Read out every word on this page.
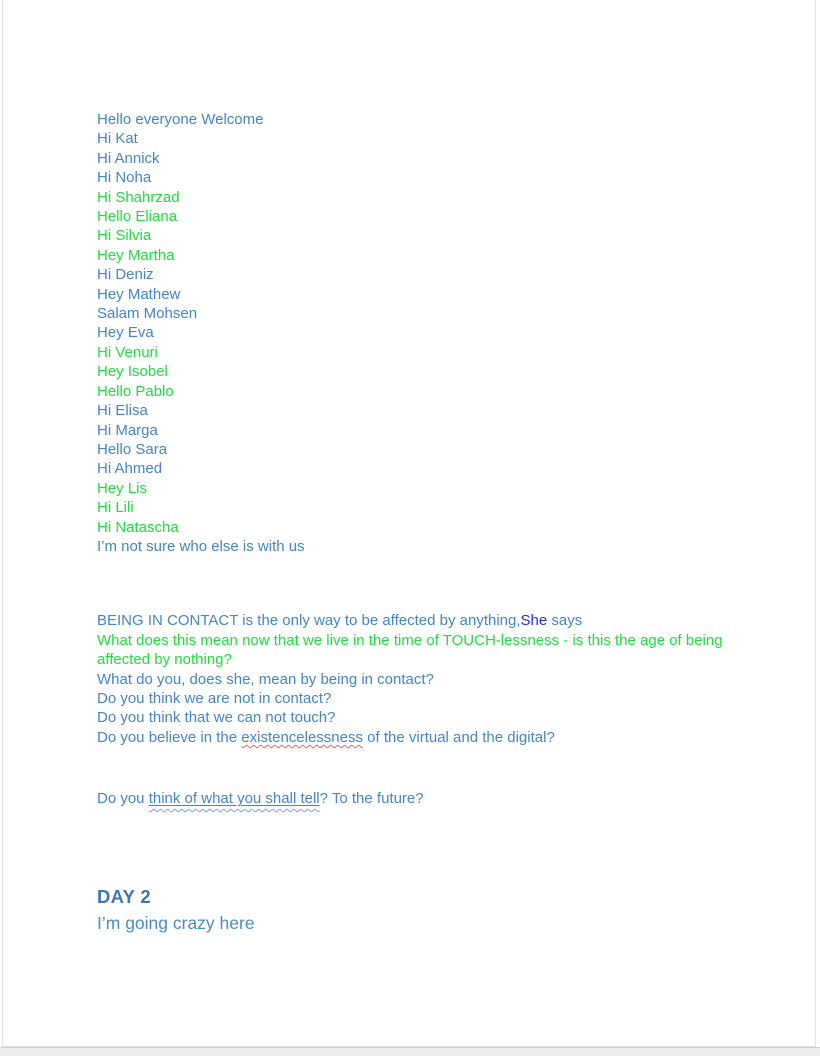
Hello everyone Welcome
Hi Kat
Hi Annick
Hi Noha
Hi Shahrzad
Hello Eliana
Hi Silvia
Hey Martha
Hi Deniz
Hey Mathew
Salam Mohsen
Hey Eva
Hi Venuri
Hey Isobel
Hello Pablo
Hi Elisa
Hi Marga
Hello Sara
Hi Ahmed
Hey Lis
Hi Lili
Hi Natascha
I’m not sure who else is with us
BEING IN CONTACT is the only way to be affected by anything,She says
What does this mean now that we live in the time of TOUCH-lessness - is this the age of being affected by nothing?
What do you, does she, mean by being in contact?
Do you think we are not in contact?
Do you think that we can not touch?
Do you believe in the existencelessness of the virtual and the digital?
Do you think of what you shall tell? To the future?
DAY 2
I’m going crazy here
